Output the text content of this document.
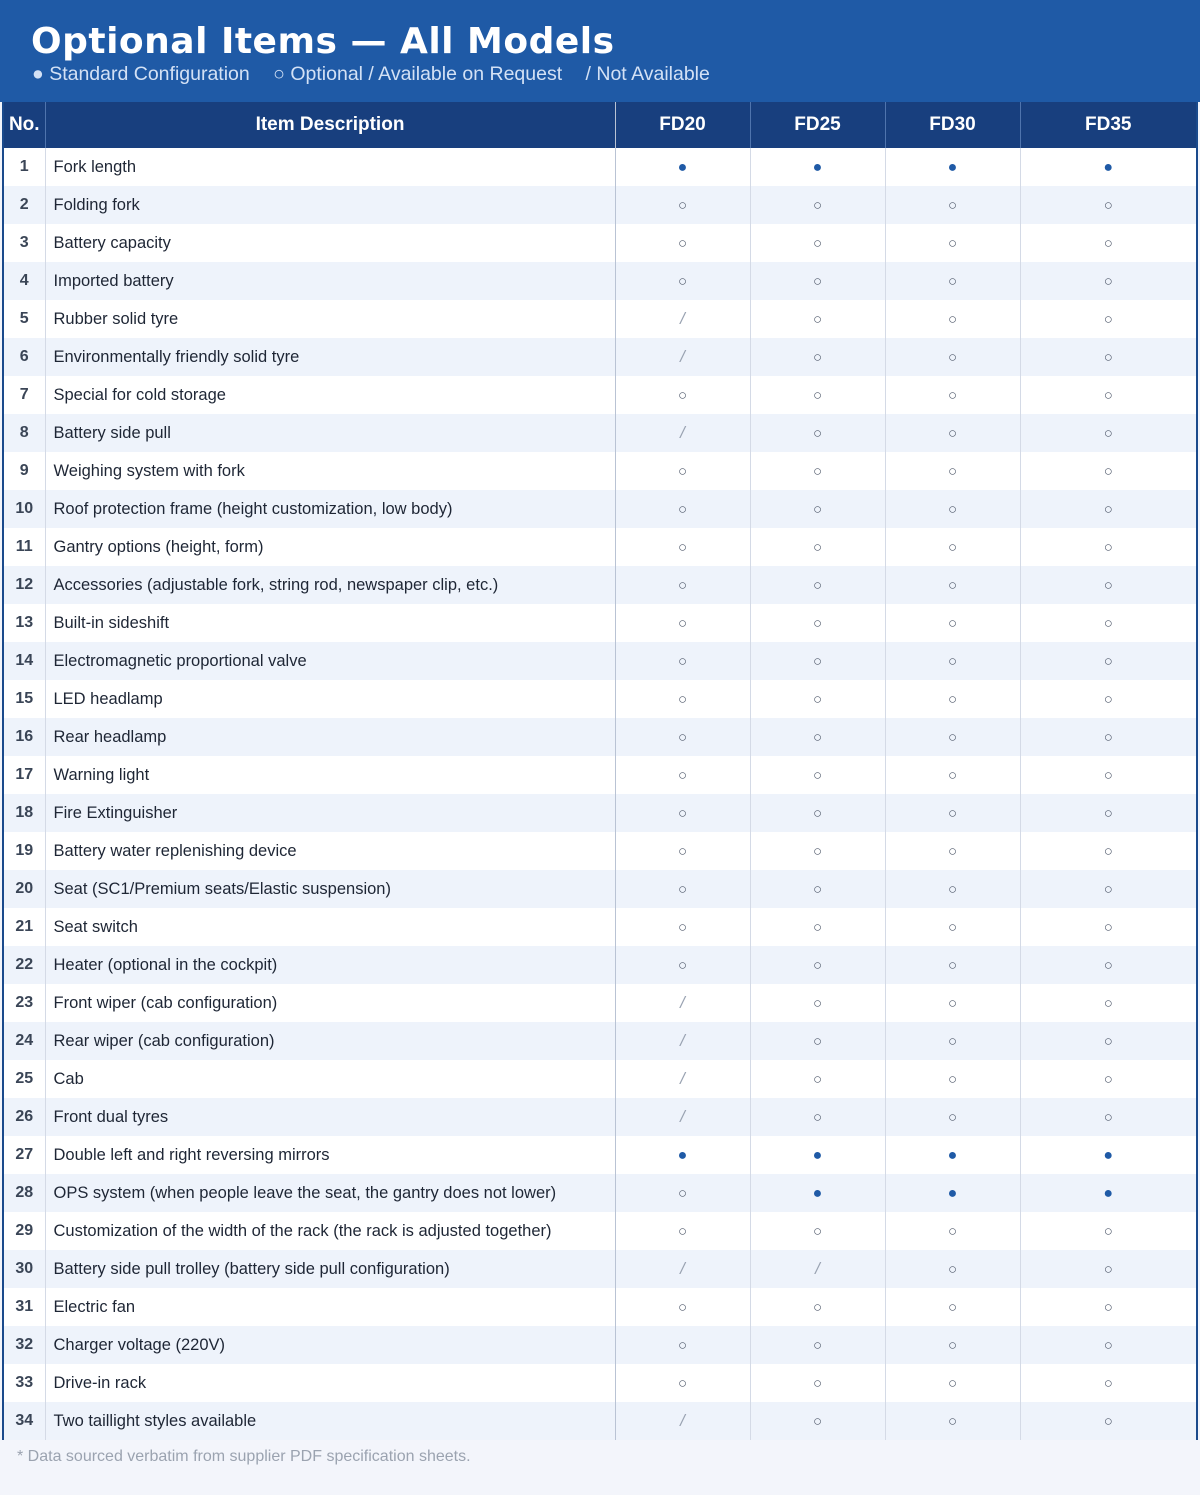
Optional Items — All Models
● Standard Configuration ○ Optional / Available on Request / Not Available
No.	Item Description	FD20	FD25	FD30	FD35
1	Fork length	●	●	●	●
2	Folding fork	○	○	○	○
3	Battery capacity	○	○	○	○
4	Imported battery	○	○	○	○
5	Rubber solid tyre	/	○	○	○
6	Environmentally friendly solid tyre	/	○	○	○
7	Special for cold storage	○	○	○	○
8	Battery side pull	/	○	○	○
9	Weighing system with fork	○	○	○	○
10	Roof protection frame (height customization, low body)	○	○	○	○
11	Gantry options (height, form)	○	○	○	○
12	Accessories (adjustable fork, string rod, newspaper clip, etc.)	○	○	○	○
13	Built-in sideshift	○	○	○	○
14	Electromagnetic proportional valve	○	○	○	○
15	LED headlamp	○	○	○	○
16	Rear headlamp	○	○	○	○
17	Warning light	○	○	○	○
18	Fire Extinguisher	○	○	○	○
19	Battery water replenishing device	○	○	○	○
20	Seat (SC1/Premium seats/Elastic suspension)	○	○	○	○
21	Seat switch	○	○	○	○
22	Heater (optional in the cockpit)	○	○	○	○
23	Front wiper (cab configuration)	/	○	○	○
24	Rear wiper (cab configuration)	/	○	○	○
25	Cab	/	○	○	○
26	Front dual tyres	/	○	○	○
27	Double left and right reversing mirrors	●	●	●	●
28	OPS system (when people leave the seat, the gantry does not lower)	○	●	●	●
29	Customization of the width of the rack (the rack is adjusted together)	○	○	○	○
30	Battery side pull trolley (battery side pull configuration)	/	/	○	○
31	Electric fan	○	○	○	○
32	Charger voltage (220V)	○	○	○	○
33	Drive-in rack	○	○	○	○
34	Two taillight styles available	/	○	○	○
* Data sourced verbatim from supplier PDF specification sheets.
